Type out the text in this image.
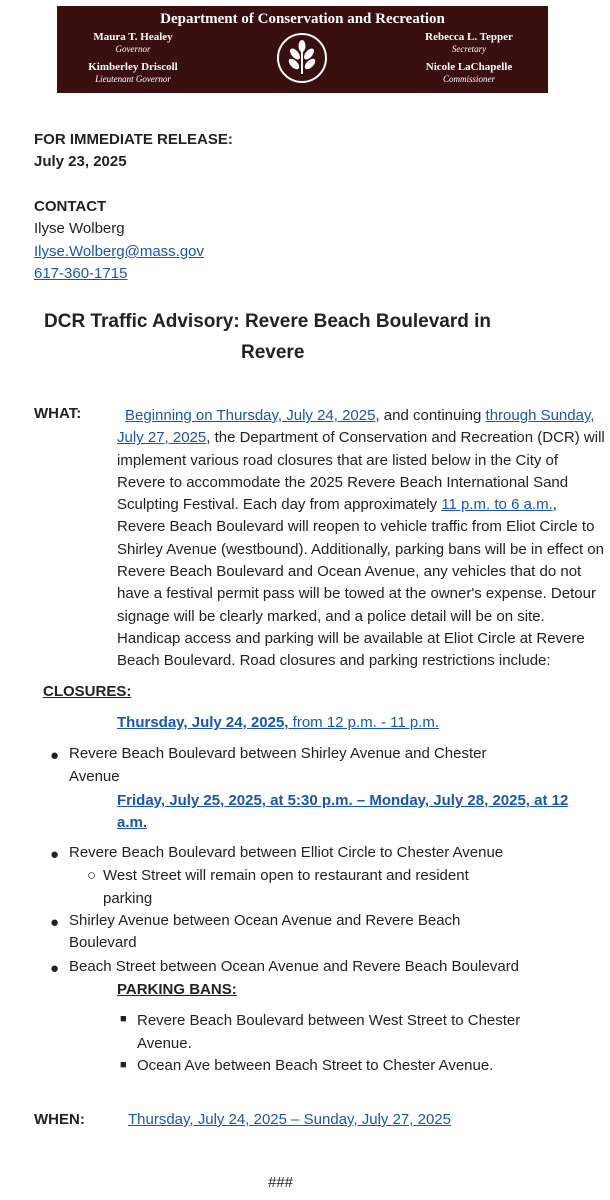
Department of Conservation and Recreation
Maura T. Healey
Governor
Kimberley Driscoll
Lieutenant Governor
Rebecca L. Tepper
Secretary
Nicole LaChapelle
Commissioner
FOR IMMEDIATE RELEASE:
July 23, 2025
CONTACT
Ilyse Wolberg
Ilyse.Wolberg@mass.gov
617-360-1715
DCR Traffic Advisory: Revere Beach Boulevard in
Revere
WHAT:	Beginning on Thursday, July 24, 2025, and continuing through Sunday,
July 27, 2025, the Department of Conservation and Recreation (DCR) will
implement various road closures that are listed below in the City of
Revere to accommodate the 2025 Revere Beach International Sand
Sculpting Festival. Each day from approximately 11 p.m. to 6 a.m.,
Revere Beach Boulevard will reopen to vehicle traffic from Eliot Circle to
Shirley Avenue (westbound). Additionally, parking bans will be in effect on
Revere Beach Boulevard and Ocean Avenue, any vehicles that do not
have a festival permit pass will be towed at the owner's expense. Detour
signage will be clearly marked, and a police detail will be on site.
Handicap access and parking will be available at Eliot Circle at Revere
Beach Boulevard. Road closures and parking restrictions include:
CLOSURES:
Thursday, July 24, 2025, from 12 p.m. - 11 p.m.
● Revere Beach Boulevard between Shirley Avenue and Chester
Avenue
Friday, July 25, 2025, at 5:30 p.m. – Monday, July 28, 2025, at 12
a.m.
● Revere Beach Boulevard between Elliot Circle to Chester Avenue
○ West Street will remain open to restaurant and resident
parking
● Shirley Avenue between Ocean Avenue and Revere Beach
Boulevard
● Beach Street between Ocean Avenue and Revere Beach Boulevard
PARKING BANS:
■ Revere Beach Boulevard between West Street to Chester
Avenue.
■ Ocean Ave between Beach Street to Chester Avenue.
WHEN:	Thursday, July 24, 2025 – Sunday, July 27, 2025
###
